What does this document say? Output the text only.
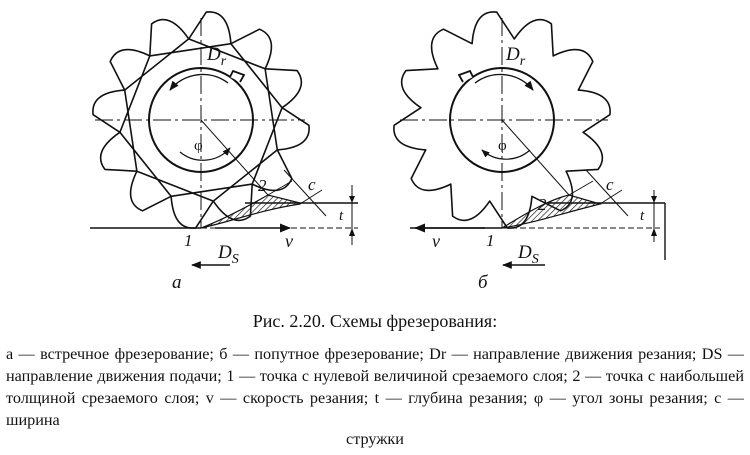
$D_r$
φ
2 c
t
1	v
$D_S$
а
$D_r$
φ
2
c
t
1
v
$D_S$
б
Рис. 2.20. Схемы фрезерования:
а — встречное фрезерование; б — попутное фрезерование; Dr — направление движения резания; DS — направление движения подачи; 1 — точка с нулевой величиной срезаемого слоя; 2 — точка с наибольшей толщиной срезаемого слоя; v — скорость резания; t — глубина резания; φ — угол зоны резания; c — ширина
стружки
